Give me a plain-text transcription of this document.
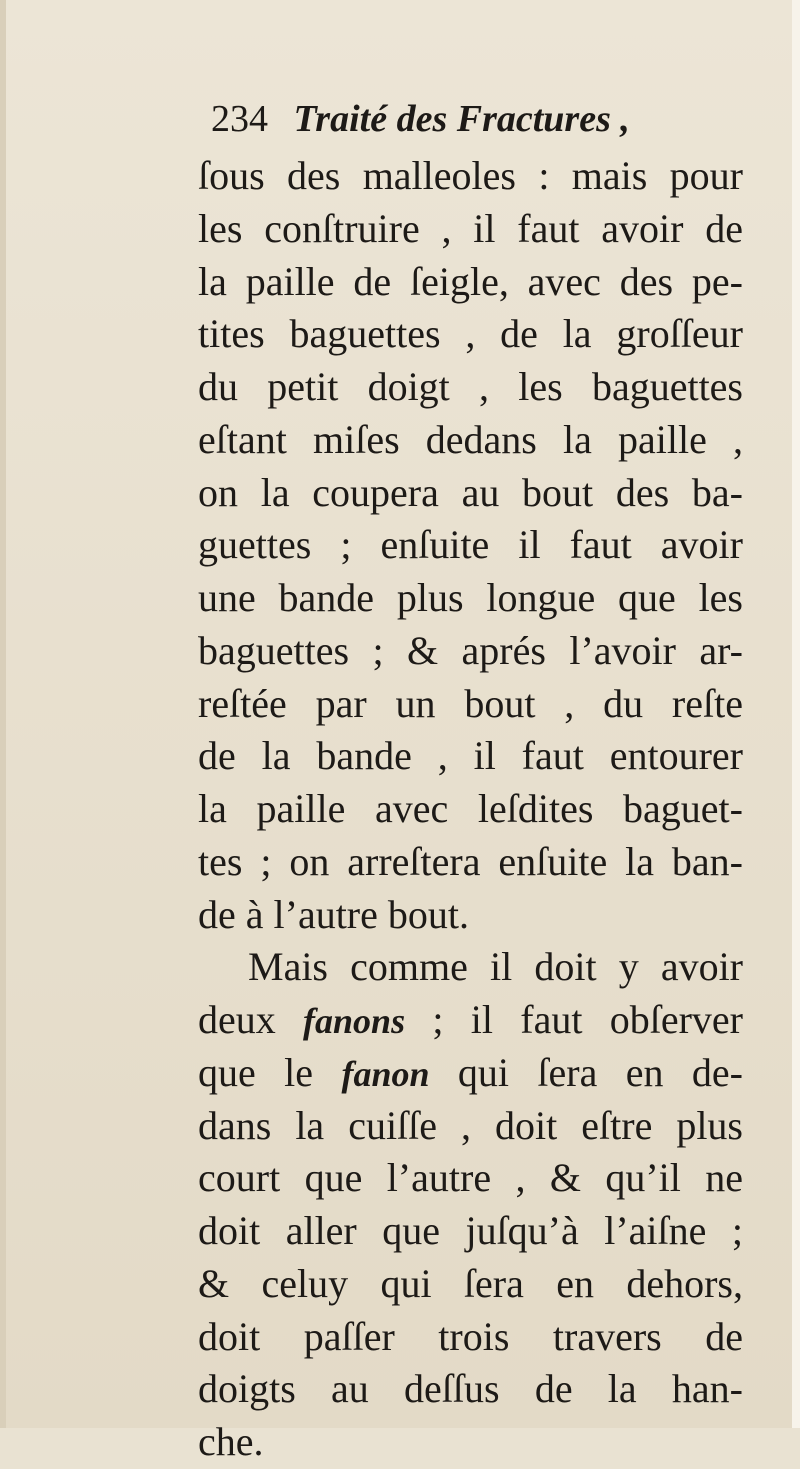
234 Traité des Fractures ,
ſous des malleoles : mais pour
les conſtruire , il faut avoir de
la paille de ſeigle, avec des pe-
tites baguettes , de la groſſeur
du petit doigt , les baguettes
eſtant miſes dedans la paille ,
on la coupera au bout des ba-
guettes ; enſuite il faut avoir
une bande plus longue que les
baguettes ; & aprés l’avoir ar-
reſtée par un bout , du reſte
de la bande , il faut entourer
la paille avec leſdites baguet-
tes ; on arreſtera enſuite la ban-
de à l’autre bout.
Mais comme il doit y avoir
deux fanons ; il faut obſerver
que le fanon qui ſera en de-
dans la cuiſſe , doit eſtre plus
court que l’autre , & qu’il ne
doit aller que juſqu’à l’aiſne ;
& celuy qui ſera en dehors,
doit paſſer trois travers de
doigts au deſſus de la han-
che.
